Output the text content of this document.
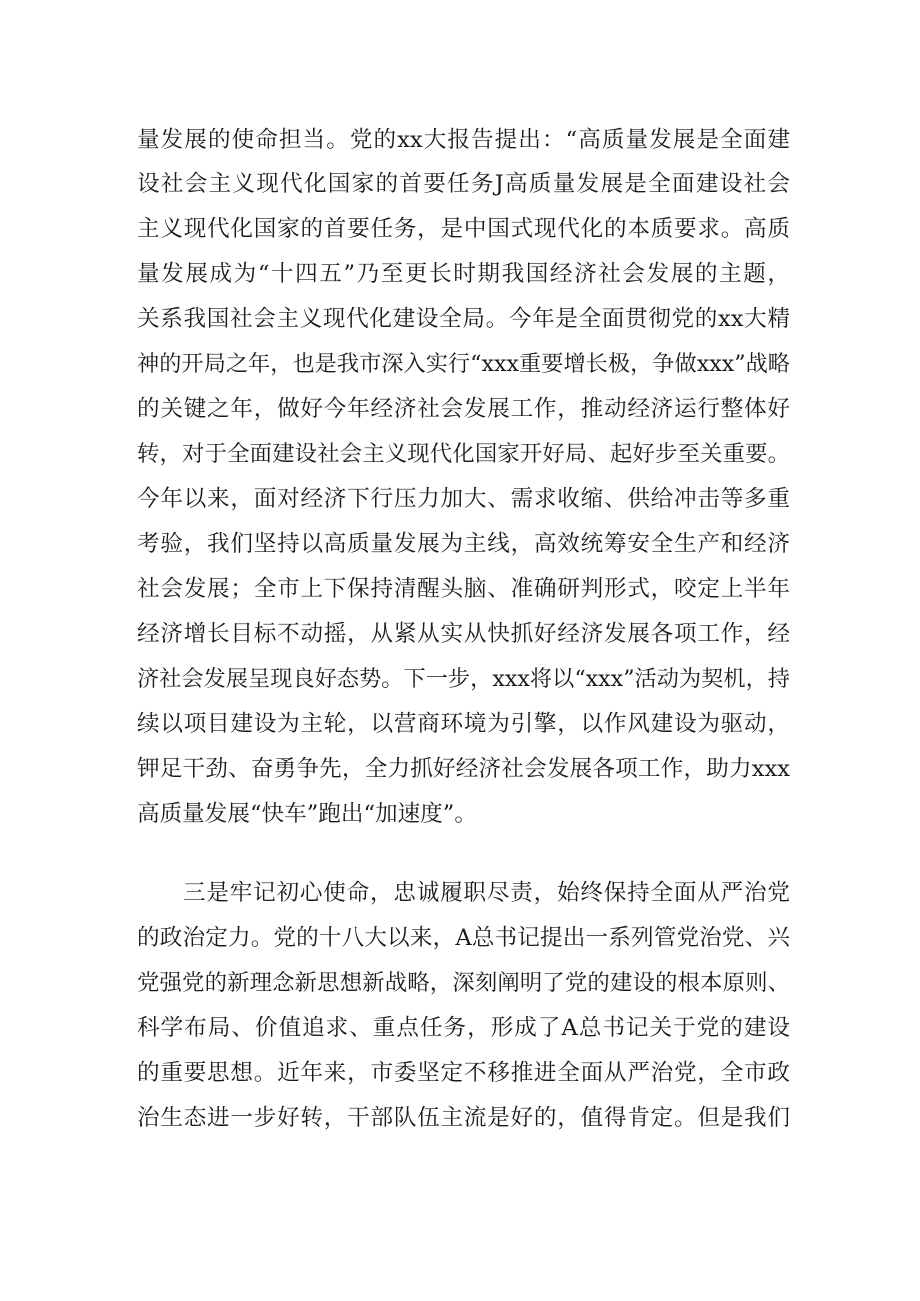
量发展的使命担当。党的xx大报告提出：“高质量发展是全面建
设社会主义现代化国家的首要任务J高质量发展是全面建设社会
主义现代化国家的首要任务，是中国式现代化的本质要求。高质
量发展成为“十四五”乃至更长时期我国经济社会发展的主题，
关系我国社会主义现代化建设全局。今年是全面贯彻党的xx大精
神的开局之年，也是我市深入实行“xxx重要增长极，争做xxx”战略
的关键之年，做好今年经济社会发展工作，推动经济运行整体好
转，对于全面建设社会主义现代化国家开好局、起好步至关重要。
今年以来，面对经济下行压力加大、需求收缩、供给冲击等多重
考验，我们坚持以高质量发展为主线，高效统筹安全生产和经济
社会发展；全市上下保持清醒头脑、准确研判形式，咬定上半年
经济增长目标不动摇，从紧从实从快抓好经济发展各项工作，经
济社会发展呈现良好态势。下一步，xxx将以“xxx”活动为契机，持
续以项目建设为主轮，以营商环境为引擎，以作风建设为驱动，
钾足干劲、奋勇争先，全力抓好经济社会发展各项工作，助力xxx
高质量发展“快车”跑出“加速度”。
三是牢记初心使命，忠诚履职尽责，始终保持全面从严治党
的政治定力。党的十八大以来，A总书记提出一系列管党治党、兴
党强党的新理念新思想新战略，深刻阐明了党的建设的根本原则、
科学布局、价值追求、重点任务，形成了A总书记关于党的建设
的重要思想。近年来，市委坚定不移推进全面从严治党，全市政
治生态进一步好转，干部队伍主流是好的，值得肯定。但是我们
